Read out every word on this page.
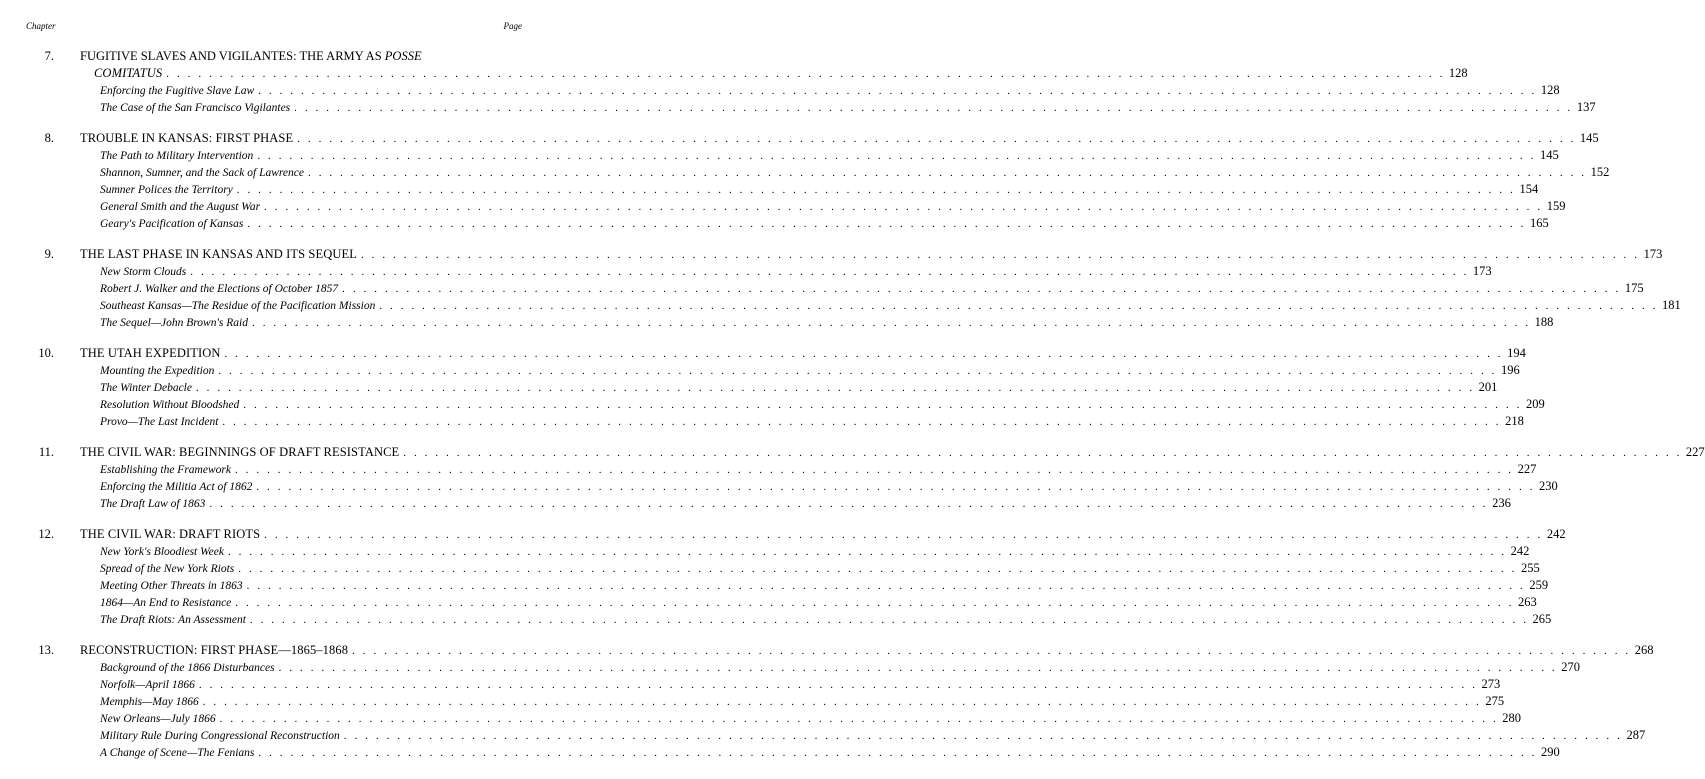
Chapter	Page
7. FUGITIVE SLAVES AND VIGILANTES: THE ARMY AS POSSE
COMITATUS . . . . . . . . . . . . . . . . . . . . . . . . . . . . . . . . . . . . . . . . . . . . . . . . . . . . . . . . . . . . . . . . . . . . . . . . . . . . . . . . . . . . . . . . . . . . . . . . . . . . . . . . . . . . . . . . . . . . . . . . 128
Enforcing the Fugitive Slave Law . . . . . . . . . . . . . . . . . . . . . . . . . . . . . . . . . . . . . . . . . . . . . . . . . . . . . . . . . . . . . . . . . . . . . . . . . . . . . . . . . . . . . . . . . . . . . . . . . . . . . . . . . . . . . . . . . . . . . . . . 128
The Case of the San Francisco Vigilantes . . . . . . . . . . . . . . . . . . . . . . . . . . . . . . . . . . . . . . . . . . . . . . . . . . . . . . . . . . . . . . . . . . . . . . . . . . . . . . . . . . . . . . . . . . . . . . . . . . . . . . . . . . . . . . . . . . . . . . . . 137
8. TROUBLE IN KANSAS: FIRST PHASE . . . . . . . . . . . . . . . . . . . . . . . . . . . . . . . . . . . . . . . . . . . . . . . . . . . . . . . . . . . . . . . . . . . . . . . . . . . . . . . . . . . . . . . . . . . . . . . . . . . . . . . . . . . . . . . . . . . . . . . . 145
The Path to Military Intervention . . . . . . . . . . . . . . . . . . . . . . . . . . . . . . . . . . . . . . . . . . . . . . . . . . . . . . . . . . . . . . . . . . . . . . . . . . . . . . . . . . . . . . . . . . . . . . . . . . . . . . . . . . . . . . . . . . . . . . . . 145
Shannon, Sumner, and the Sack of Lawrence . . . . . . . . . . . . . . . . . . . . . . . . . . . . . . . . . . . . . . . . . . . . . . . . . . . . . . . . . . . . . . . . . . . . . . . . . . . . . . . . . . . . . . . . . . . . . . . . . . . . . . . . . . . . . . . . . . . . . . . . 152
Sumner Polices the Territory . . . . . . . . . . . . . . . . . . . . . . . . . . . . . . . . . . . . . . . . . . . . . . . . . . . . . . . . . . . . . . . . . . . . . . . . . . . . . . . . . . . . . . . . . . . . . . . . . . . . . . . . . . . . . . . . . . . . . . . . 154
General Smith and the August War . . . . . . . . . . . . . . . . . . . . . . . . . . . . . . . . . . . . . . . . . . . . . . . . . . . . . . . . . . . . . . . . . . . . . . . . . . . . . . . . . . . . . . . . . . . . . . . . . . . . . . . . . . . . . . . . . . . . . . . . 159
Geary's Pacification of Kansas . . . . . . . . . . . . . . . . . . . . . . . . . . . . . . . . . . . . . . . . . . . . . . . . . . . . . . . . . . . . . . . . . . . . . . . . . . . . . . . . . . . . . . . . . . . . . . . . . . . . . . . . . . . . . . . . . . . . . . . . 165
9. THE LAST PHASE IN KANSAS AND ITS SEQUEL . . . . . . . . . . . . . . . . . . . . . . . . . . . . . . . . . . . . . . . . . . . . . . . . . . . . . . . . . . . . . . . . . . . . . . . . . . . . . . . . . . . . . . . . . . . . . . . . . . . . . . . . . . . . . . . . . . . . . . . . 173
New Storm Clouds . . . . . . . . . . . . . . . . . . . . . . . . . . . . . . . . . . . . . . . . . . . . . . . . . . . . . . . . . . . . . . . . . . . . . . . . . . . . . . . . . . . . . . . . . . . . . . . . . . . . . . . . . . . . . . . . . . . . . . . . 173
Robert J. Walker and the Elections of October 1857 . . . . . . . . . . . . . . . . . . . . . . . . . . . . . . . . . . . . . . . . . . . . . . . . . . . . . . . . . . . . . . . . . . . . . . . . . . . . . . . . . . . . . . . . . . . . . . . . . . . . . . . . . . . . . . . . . . . . . . . . 175
Southeast Kansas—The Residue of the Pacification Mission . . . . . . . . . . . . . . . . . . . . . . . . . . . . . . . . . . . . . . . . . . . . . . . . . . . . . . . . . . . . . . . . . . . . . . . . . . . . . . . . . . . . . . . . . . . . . . . . . . . . . . . . . . . . . . . . . . . . . . . . 181
The Sequel—John Brown's Raid . . . . . . . . . . . . . . . . . . . . . . . . . . . . . . . . . . . . . . . . . . . . . . . . . . . . . . . . . . . . . . . . . . . . . . . . . . . . . . . . . . . . . . . . . . . . . . . . . . . . . . . . . . . . . . . . . . . . . . . . 188
10. THE UTAH EXPEDITION . . . . . . . . . . . . . . . . . . . . . . . . . . . . . . . . . . . . . . . . . . . . . . . . . . . . . . . . . . . . . . . . . . . . . . . . . . . . . . . . . . . . . . . . . . . . . . . . . . . . . . . . . . . . . . . . . . . . . . . . 194
Mounting the Expedition . . . . . . . . . . . . . . . . . . . . . . . . . . . . . . . . . . . . . . . . . . . . . . . . . . . . . . . . . . . . . . . . . . . . . . . . . . . . . . . . . . . . . . . . . . . . . . . . . . . . . . . . . . . . . . . . . . . . . . . . 196
The Winter Debacle . . . . . . . . . . . . . . . . . . . . . . . . . . . . . . . . . . . . . . . . . . . . . . . . . . . . . . . . . . . . . . . . . . . . . . . . . . . . . . . . . . . . . . . . . . . . . . . . . . . . . . . . . . . . . . . . . . . . . . . . 201
Resolution Without Bloodshed . . . . . . . . . . . . . . . . . . . . . . . . . . . . . . . . . . . . . . . . . . . . . . . . . . . . . . . . . . . . . . . . . . . . . . . . . . . . . . . . . . . . . . . . . . . . . . . . . . . . . . . . . . . . . . . . . . . . . . . . 209
Provo—The Last Incident . . . . . . . . . . . . . . . . . . . . . . . . . . . . . . . . . . . . . . . . . . . . . . . . . . . . . . . . . . . . . . . . . . . . . . . . . . . . . . . . . . . . . . . . . . . . . . . . . . . . . . . . . . . . . . . . . . . . . . . . 218
11. THE CIVIL WAR: BEGINNINGS OF DRAFT RESISTANCE . . . . . . . . . . . . . . . . . . . . . . . . . . . . . . . . . . . . . . . . . . . . . . . . . . . . . . . . . . . . . . . . . . . . . . . . . . . . . . . . . . . . . . . . . . . . . . . . . . . . . . . . . . . . . . . . . . . . . . . . 227
Establishing the Framework . . . . . . . . . . . . . . . . . . . . . . . . . . . . . . . . . . . . . . . . . . . . . . . . . . . . . . . . . . . . . . . . . . . . . . . . . . . . . . . . . . . . . . . . . . . . . . . . . . . . . . . . . . . . . . . . . . . . . . . . 227
Enforcing the Militia Act of 1862 . . . . . . . . . . . . . . . . . . . . . . . . . . . . . . . . . . . . . . . . . . . . . . . . . . . . . . . . . . . . . . . . . . . . . . . . . . . . . . . . . . . . . . . . . . . . . . . . . . . . . . . . . . . . . . . . . . . . . . . . 230
The Draft Law of 1863 . . . . . . . . . . . . . . . . . . . . . . . . . . . . . . . . . . . . . . . . . . . . . . . . . . . . . . . . . . . . . . . . . . . . . . . . . . . . . . . . . . . . . . . . . . . . . . . . . . . . . . . . . . . . . . . . . . . . . . . . 236
12. THE CIVIL WAR: DRAFT RIOTS . . . . . . . . . . . . . . . . . . . . . . . . . . . . . . . . . . . . . . . . . . . . . . . . . . . . . . . . . . . . . . . . . . . . . . . . . . . . . . . . . . . . . . . . . . . . . . . . . . . . . . . . . . . . . . . . . . . . . . . . 242
New York's Bloodiest Week . . . . . . . . . . . . . . . . . . . . . . . . . . . . . . . . . . . . . . . . . . . . . . . . . . . . . . . . . . . . . . . . . . . . . . . . . . . . . . . . . . . . . . . . . . . . . . . . . . . . . . . . . . . . . . . . . . . . . . . . 242
Spread of the New York Riots . . . . . . . . . . . . . . . . . . . . . . . . . . . . . . . . . . . . . . . . . . . . . . . . . . . . . . . . . . . . . . . . . . . . . . . . . . . . . . . . . . . . . . . . . . . . . . . . . . . . . . . . . . . . . . . . . . . . . . . . 255
Meeting Other Threats in 1863 . . . . . . . . . . . . . . . . . . . . . . . . . . . . . . . . . . . . . . . . . . . . . . . . . . . . . . . . . . . . . . . . . . . . . . . . . . . . . . . . . . . . . . . . . . . . . . . . . . . . . . . . . . . . . . . . . . . . . . . . 259
1864—An End to Resistance . . . . . . . . . . . . . . . . . . . . . . . . . . . . . . . . . . . . . . . . . . . . . . . . . . . . . . . . . . . . . . . . . . . . . . . . . . . . . . . . . . . . . . . . . . . . . . . . . . . . . . . . . . . . . . . . . . . . . . . . 263
The Draft Riots: An Assessment . . . . . . . . . . . . . . . . . . . . . . . . . . . . . . . . . . . . . . . . . . . . . . . . . . . . . . . . . . . . . . . . . . . . . . . . . . . . . . . . . . . . . . . . . . . . . . . . . . . . . . . . . . . . . . . . . . . . . . . . 265
13. RECONSTRUCTION: FIRST PHASE—1865–1868 . . . . . . . . . . . . . . . . . . . . . . . . . . . . . . . . . . . . . . . . . . . . . . . . . . . . . . . . . . . . . . . . . . . . . . . . . . . . . . . . . . . . . . . . . . . . . . . . . . . . . . . . . . . . . . . . . . . . . . . . 268
Background of the 1866 Disturbances . . . . . . . . . . . . . . . . . . . . . . . . . . . . . . . . . . . . . . . . . . . . . . . . . . . . . . . . . . . . . . . . . . . . . . . . . . . . . . . . . . . . . . . . . . . . . . . . . . . . . . . . . . . . . . . . . . . . . . . . 270
Norfolk—April 1866 . . . . . . . . . . . . . . . . . . . . . . . . . . . . . . . . . . . . . . . . . . . . . . . . . . . . . . . . . . . . . . . . . . . . . . . . . . . . . . . . . . . . . . . . . . . . . . . . . . . . . . . . . . . . . . . . . . . . . . . . 273
Memphis—May 1866 . . . . . . . . . . . . . . . . . . . . . . . . . . . . . . . . . . . . . . . . . . . . . . . . . . . . . . . . . . . . . . . . . . . . . . . . . . . . . . . . . . . . . . . . . . . . . . . . . . . . . . . . . . . . . . . . . . . . . . . . 275
New Orleans—July 1866 . . . . . . . . . . . . . . . . . . . . . . . . . . . . . . . . . . . . . . . . . . . . . . . . . . . . . . . . . . . . . . . . . . . . . . . . . . . . . . . . . . . . . . . . . . . . . . . . . . . . . . . . . . . . . . . . . . . . . . . . 280
Military Rule During Congressional Reconstruction . . . . . . . . . . . . . . . . . . . . . . . . . . . . . . . . . . . . . . . . . . . . . . . . . . . . . . . . . . . . . . . . . . . . . . . . . . . . . . . . . . . . . . . . . . . . . . . . . . . . . . . . . . . . . . . . . . . . . . . . 287
A Change of Scene—The Fenians . . . . . . . . . . . . . . . . . . . . . . . . . . . . . . . . . . . . . . . . . . . . . . . . . . . . . . . . . . . . . . . . . . . . . . . . . . . . . . . . . . . . . . . . . . . . . . . . . . . . . . . . . . . . . . . . . . . . . . . . 290
